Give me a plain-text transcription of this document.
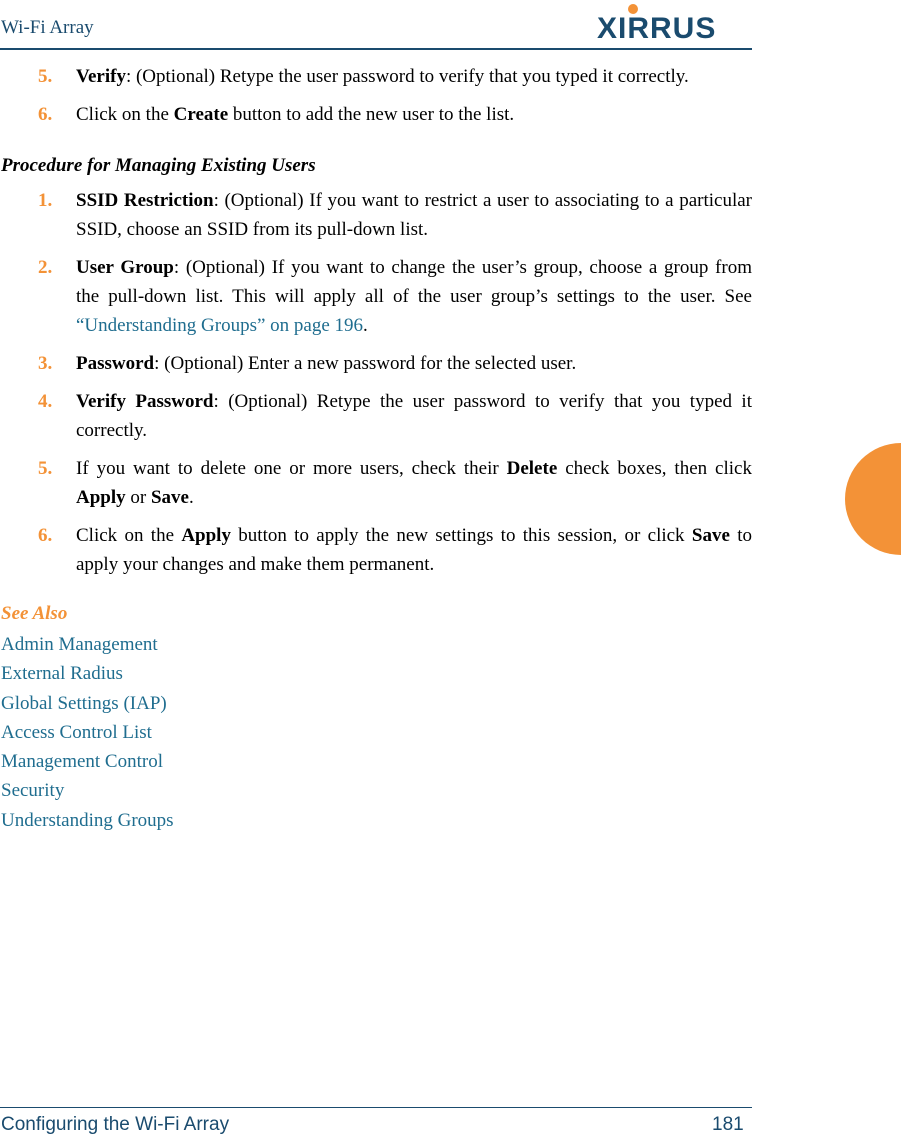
Wi-Fi Array	XIRRUS
5. Verify: (Optional) Retype the user password to verify that you typed it correctly.
6. Click on the Create button to add the new user to the list.
Procedure for Managing Existing Users
1. SSID Restriction: (Optional) If you want to restrict a user to associating to a particular SSID, choose an SSID from its pull-down list.
2. User Group: (Optional) If you want to change the user’s group, choose a group from the pull-down list. This will apply all of the user group’s settings to the user. See “Understanding Groups” on page 196.
3. Password: (Optional) Enter a new password for the selected user.
4. Verify Password: (Optional) Retype the user password to verify that you typed it correctly.
5. If you want to delete one or more users, check their Delete check boxes, then click Apply or Save.
6. Click on the Apply button to apply the new settings to this session, or click Save to apply your changes and make them permanent.
See Also
Admin Management
External Radius
Global Settings (IAP)
Access Control List
Management Control
Security
Understanding Groups
Configuring the Wi-Fi Array	181
